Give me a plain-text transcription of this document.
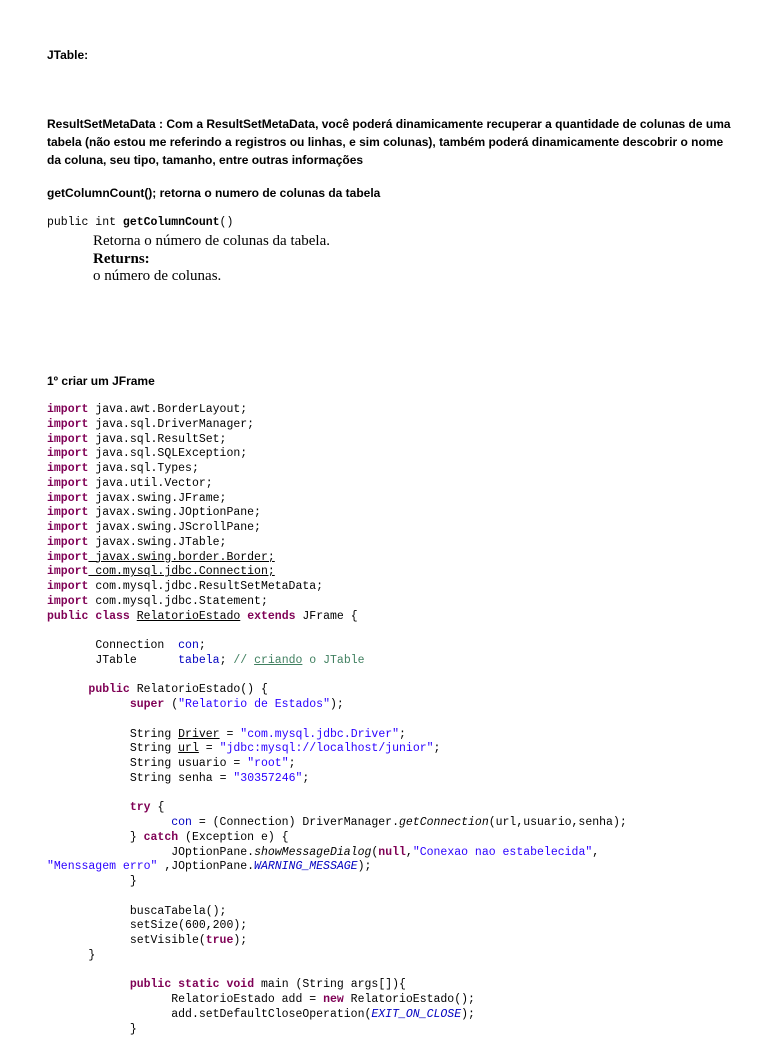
JTable:
ResultSetMetaData : Com a ResultSetMetaData, você poderá dinamicamente recuperar a quantidade de colunas de uma tabela (não estou me referindo a registros ou linhas, e sim colunas), também poderá dinamicamente descobrir o nome da coluna, seu tipo, tamanho, entre outras informações
getColumnCount(); retorna o numero de colunas da tabela
public int getColumnCount()
Retorna o número de colunas da tabela.
Returns:
o número de colunas.
1º criar um JFrame
import java.awt.BorderLayout;
import java.sql.DriverManager;
import java.sql.ResultSet;
import java.sql.SQLException;
import java.sql.Types;
import java.util.Vector;
import javax.swing.JFrame;
import javax.swing.JOptionPane;
import javax.swing.JScrollPane;
import javax.swing.JTable;
import javax.swing.border.Border;
import com.mysql.jdbc.Connection;
import com.mysql.jdbc.ResultSetMetaData;
import com.mysql.jdbc.Statement;
public class RelatorioEstado extends JFrame {

Connection  con;
JTable      tabela; // criando o JTable

public RelatorioEstado() {
super ("Relatorio de Estados");

String Driver = "com.mysql.jdbc.Driver";
String url = "jdbc:mysql://localhost/junior";
String usuario = "root";
String senha = "30357246";

try {
con = (Connection) DriverManager.getConnection(url,usuario,senha);
} catch (Exception e) {
JOptionPane.showMessageDialog(null,"Conexao nao estabelecida",
"Menssagem erro" ,JOptionPane.WARNING_MESSAGE);
}

buscaTabela();
setSize(600,200);
setVisible(true);
}

public static void main (String args[]){
RelatorioEstado add = new RelatorioEstado();
add.setDefaultCloseOperation(EXIT_ON_CLOSE);
}
